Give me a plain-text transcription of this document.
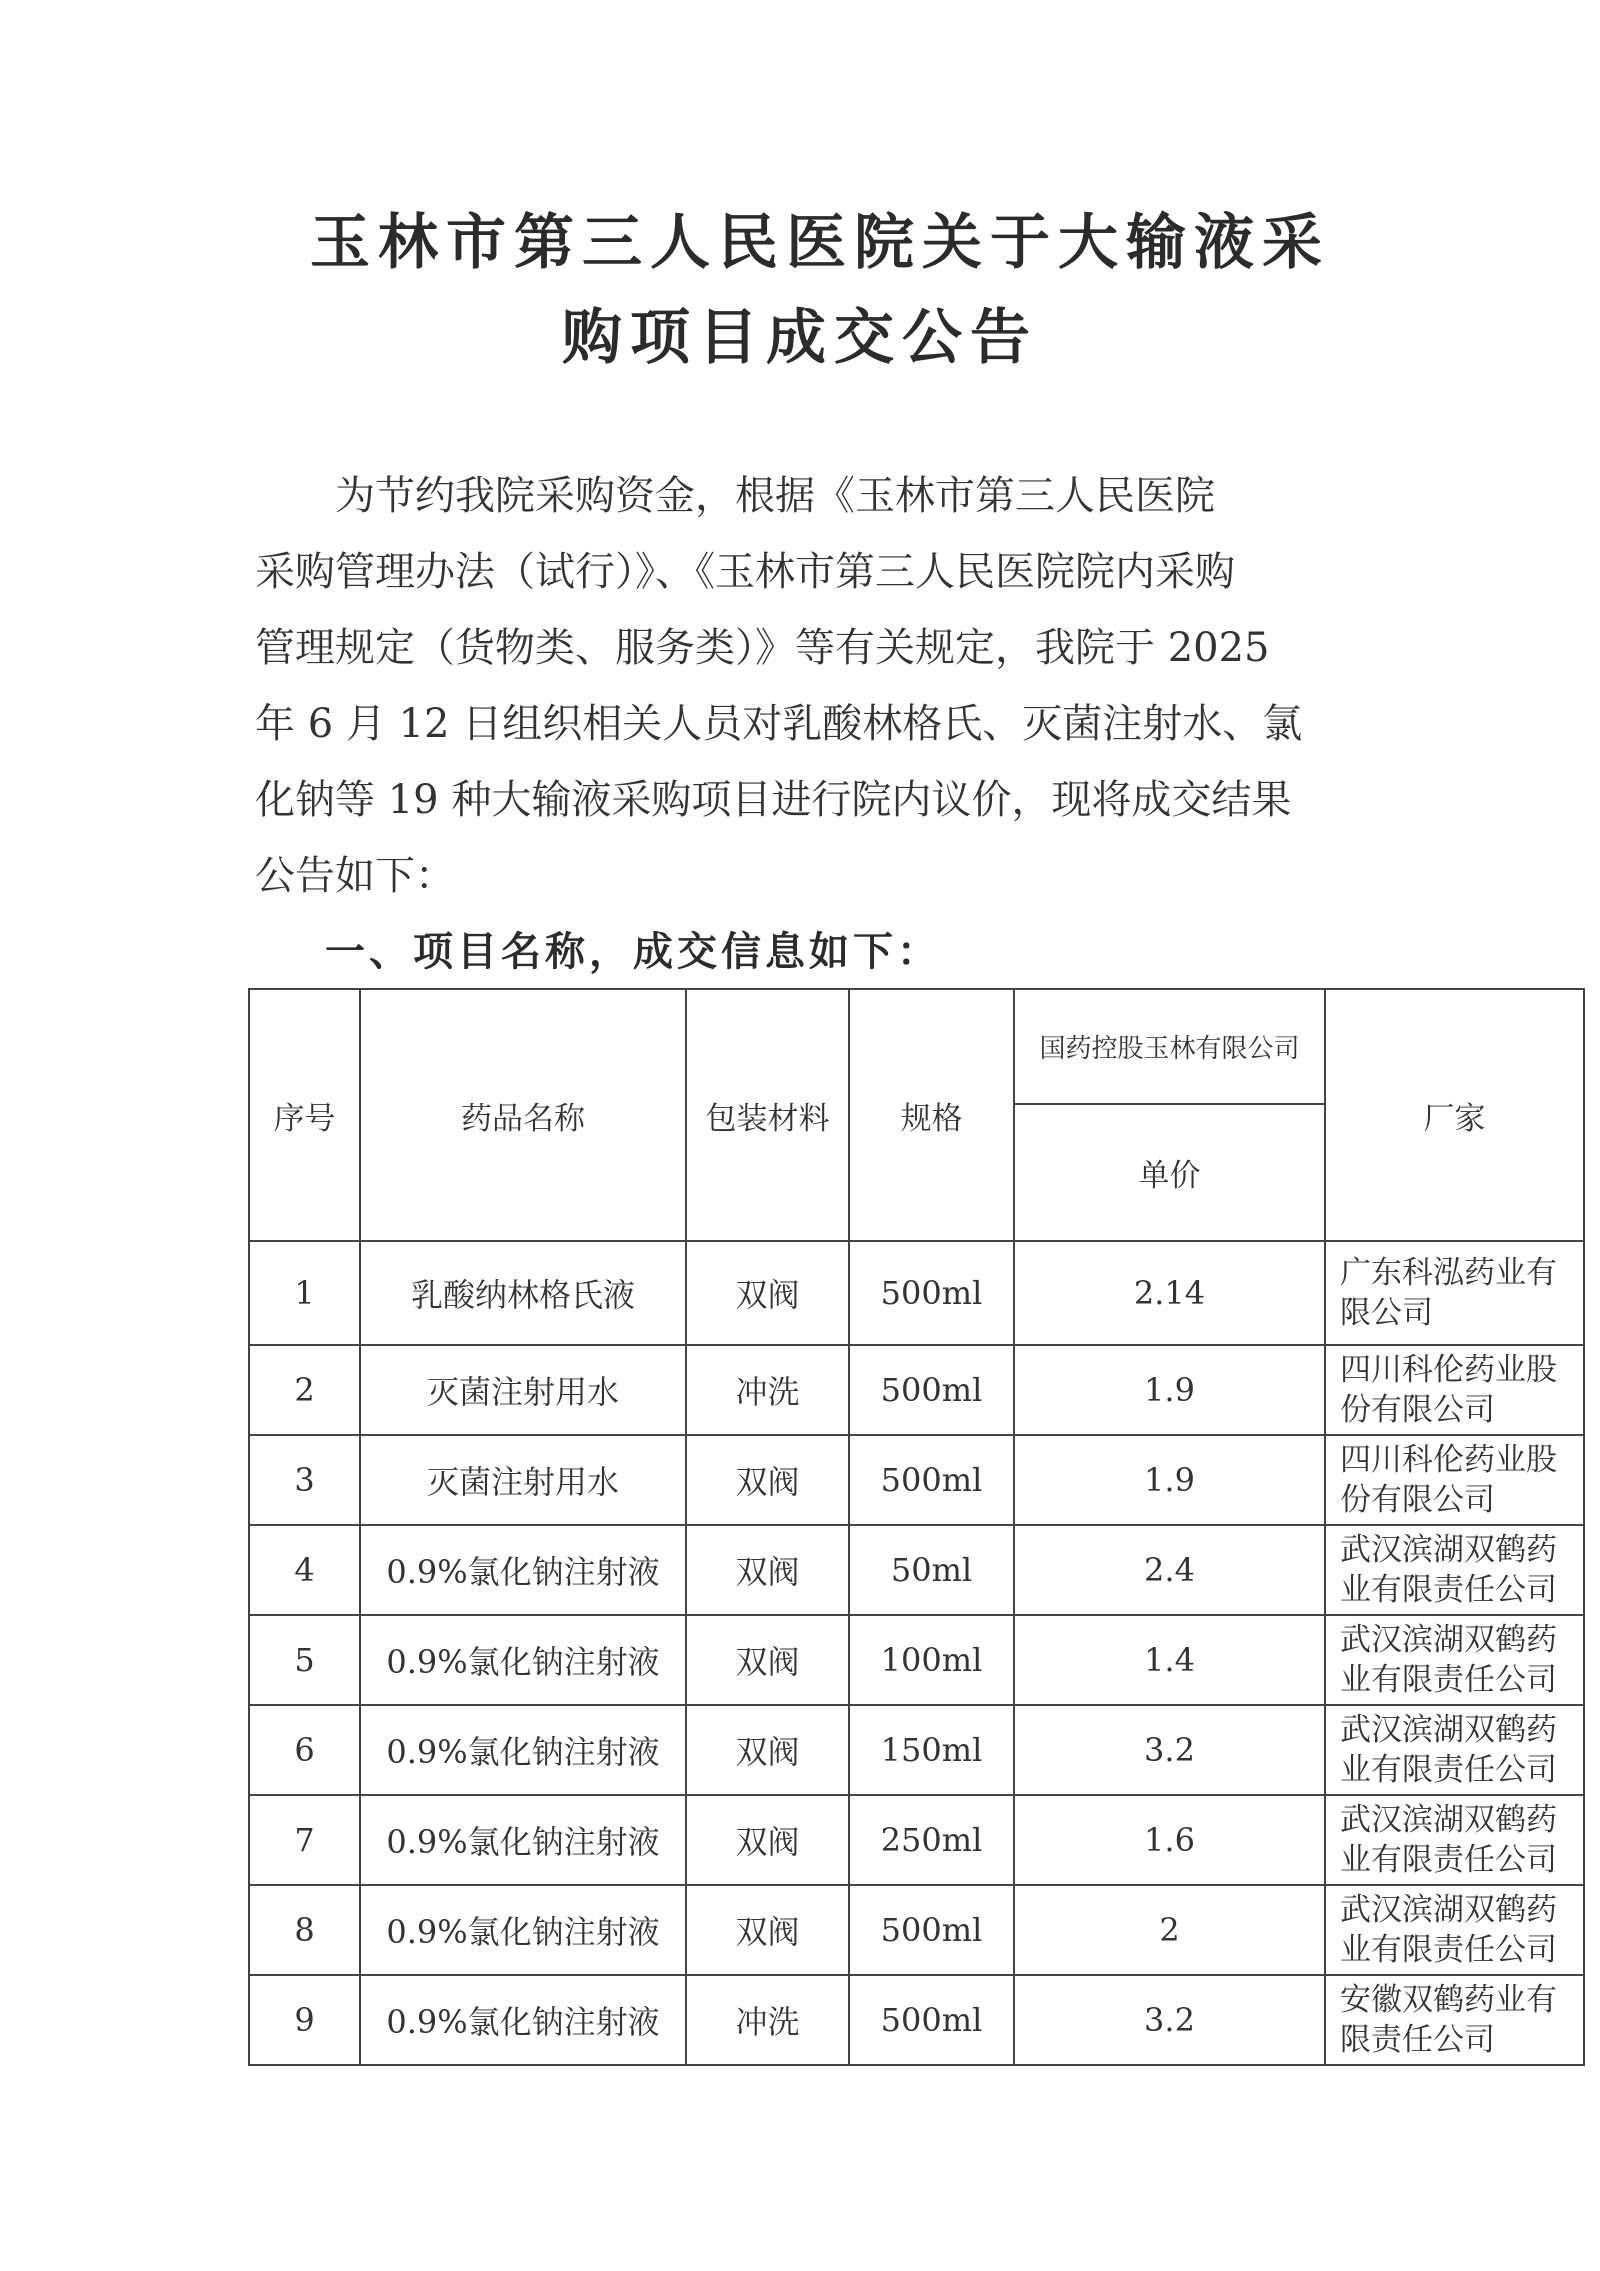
玉林市第三人民医院关于大输液采
购项目成交公告

为节约我院采购资金，根据《玉林市第三人民医院
采购管理办法（试行）》、《玉林市第三人民医院院内采购
管理规定（货物类、服务类）》等有关规定，我院于 2025
年 6 月 12 日组织相关人员对乳酸林格氏、灭菌注射水、氯
化钠等 19 种大输液采购项目进行院内议价，现将成交结果
公告如下：

一、项目名称，成交信息如下：

序号	药品名称	包装材料	规格	国药控股玉林有限公司	厂家
				单价	
1	乳酸纳林格氏液	双阀	500ml	2.14	广东科泓药业有
限公司
2	灭菌注射用水	冲洗	500ml	1.9	四川科伦药业股
份有限公司
3	灭菌注射用水	双阀	500ml	1.9	四川科伦药业股
份有限公司
4	0.9%氯化钠注射液	双阀	50ml	2.4	武汉滨湖双鹤药
业有限责任公司
5	0.9%氯化钠注射液	双阀	100ml	1.4	武汉滨湖双鹤药
业有限责任公司
6	0.9%氯化钠注射液	双阀	150ml	3.2	武汉滨湖双鹤药
业有限责任公司
7	0.9%氯化钠注射液	双阀	250ml	1.6	武汉滨湖双鹤药
业有限责任公司
8	0.9%氯化钠注射液	双阀	500ml	2	武汉滨湖双鹤药
业有限责任公司
9	0.9%氯化钠注射液	冲洗	500ml	3.2	安徽双鹤药业有
限责任公司
